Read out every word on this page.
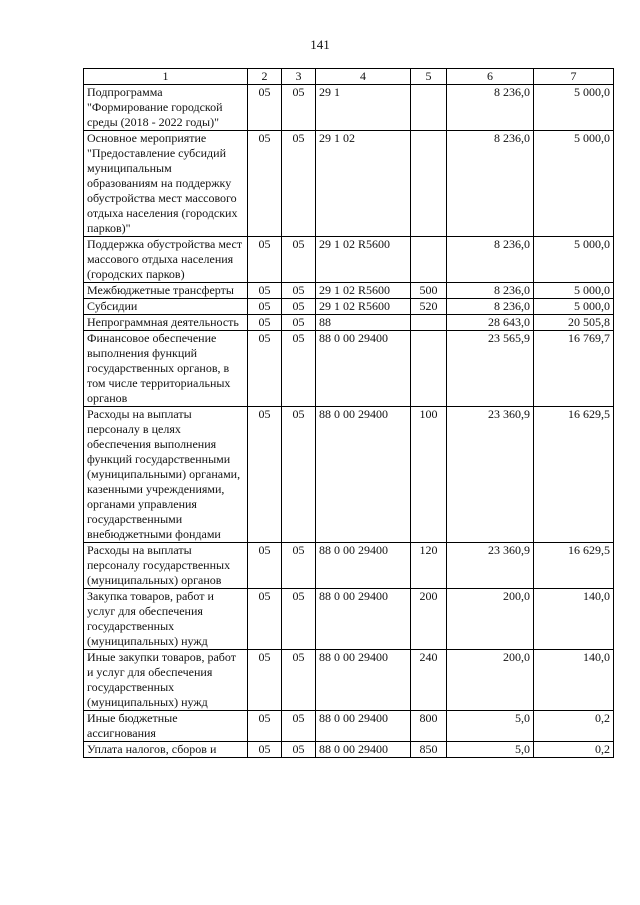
141
1	2	3	4	5	6	7
Подпрограмма "Формирование городской среды (2018 - 2022 годы)"	05	05	29 1		8 236,0	5 000,0
Основное мероприятие "Предоставление субсидий муниципальным образованиям на поддержку обустройства мест массового отдыха населения (городских парков)"	05	05	29 1 02		8 236,0	5 000,0
Поддержка обустройства мест массового отдыха населения (городских парков)	05	05	29 1 02 R5600		8 236,0	5 000,0
Межбюджетные трансферты	05	05	29 1 02 R5600	500	8 236,0	5 000,0
Субсидии	05	05	29 1 02 R5600	520	8 236,0	5 000,0
Непрограммная деятельность	05	05	88		28 643,0	20 505,8
Финансовое обеспечение выполнения функций государственных органов, в том числе территориальных органов	05	05	88 0 00 29400		23 565,9	16 769,7
Расходы на выплаты персоналу в целях обеспечения выполнения функций государственными (муниципальными) органами, казенными учреждениями, органами управления государственными внебюджетными фондами	05	05	88 0 00 29400	100	23 360,9	16 629,5
Расходы на выплаты персоналу государственных (муниципальных) органов	05	05	88 0 00 29400	120	23 360,9	16 629,5
Закупка товаров, работ и услуг для обеспечения государственных (муниципальных) нужд	05	05	88 0 00 29400	200	200,0	140,0
Иные закупки товаров, работ и услуг для обеспечения государственных (муниципальных) нужд	05	05	88 0 00 29400	240	200,0	140,0
Иные бюджетные ассигнования	05	05	88 0 00 29400	800	5,0	0,2
Уплата налогов, сборов и	05	05	88 0 00 29400	850	5,0	0,2
